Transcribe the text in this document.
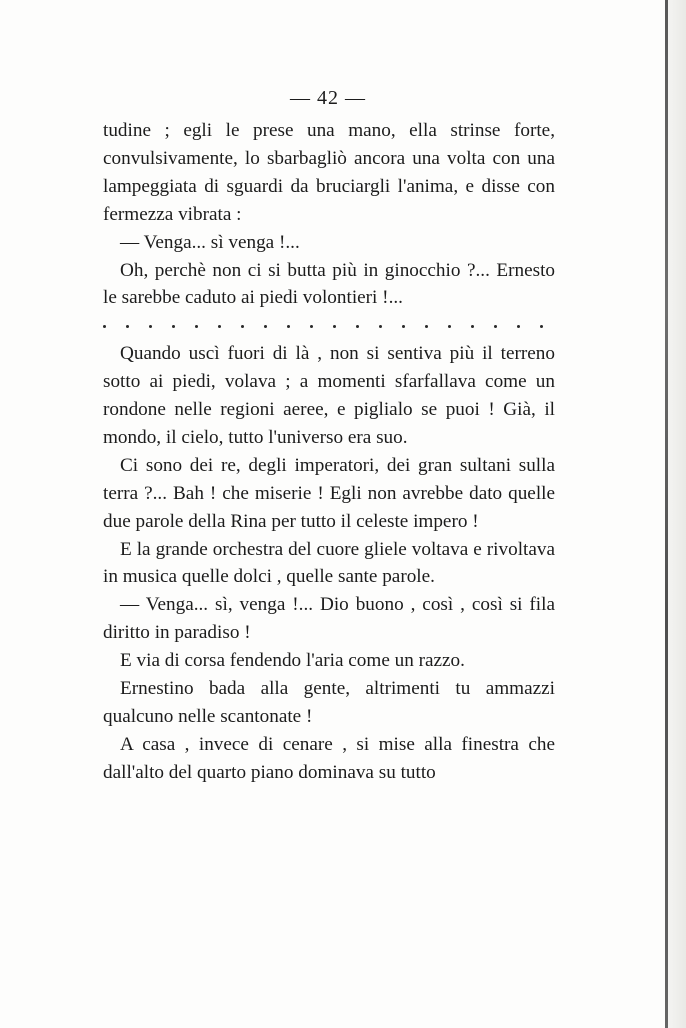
— 42 —

tudine ; egli le prese una mano, ella strinse forte, convulsivamente, lo sbarbagliò ancora una volta con una lampeggiata di sguardi da bruciargli l'anima, e disse con fermezza vibrata :

— Venga... sì venga !...

Oh, perchè non ci si butta più in ginocchio ?... Ernesto le sarebbe caduto ai piedi volontieri !...

Quando uscì fuori di là , non si sentiva più il terreno sotto ai piedi, volava ; a momenti sfarfallava come un rondone nelle regioni aeree, e piglialo se puoi ! Già, il mondo, il cielo, tutto l'universo era suo.

Ci sono dei re, degli imperatori, dei gran sultani sulla terra ?... Bah ! che miserie ! Egli non avrebbe dato quelle due parole della Rina per tutto il celeste impero !

E la grande orchestra del cuore gliele voltava e rivoltava in musica quelle dolci , quelle sante parole.

— Venga... sì, venga !... Dio buono , così , così si fila diritto in paradiso !

E via di corsa fendendo l'aria come un razzo.

Ernestino bada alla gente, altrimenti tu ammazzi qualcuno nelle scantonate !

A casa , invece di cenare , si mise alla finestra che dall'alto del quarto piano dominava su tutto
